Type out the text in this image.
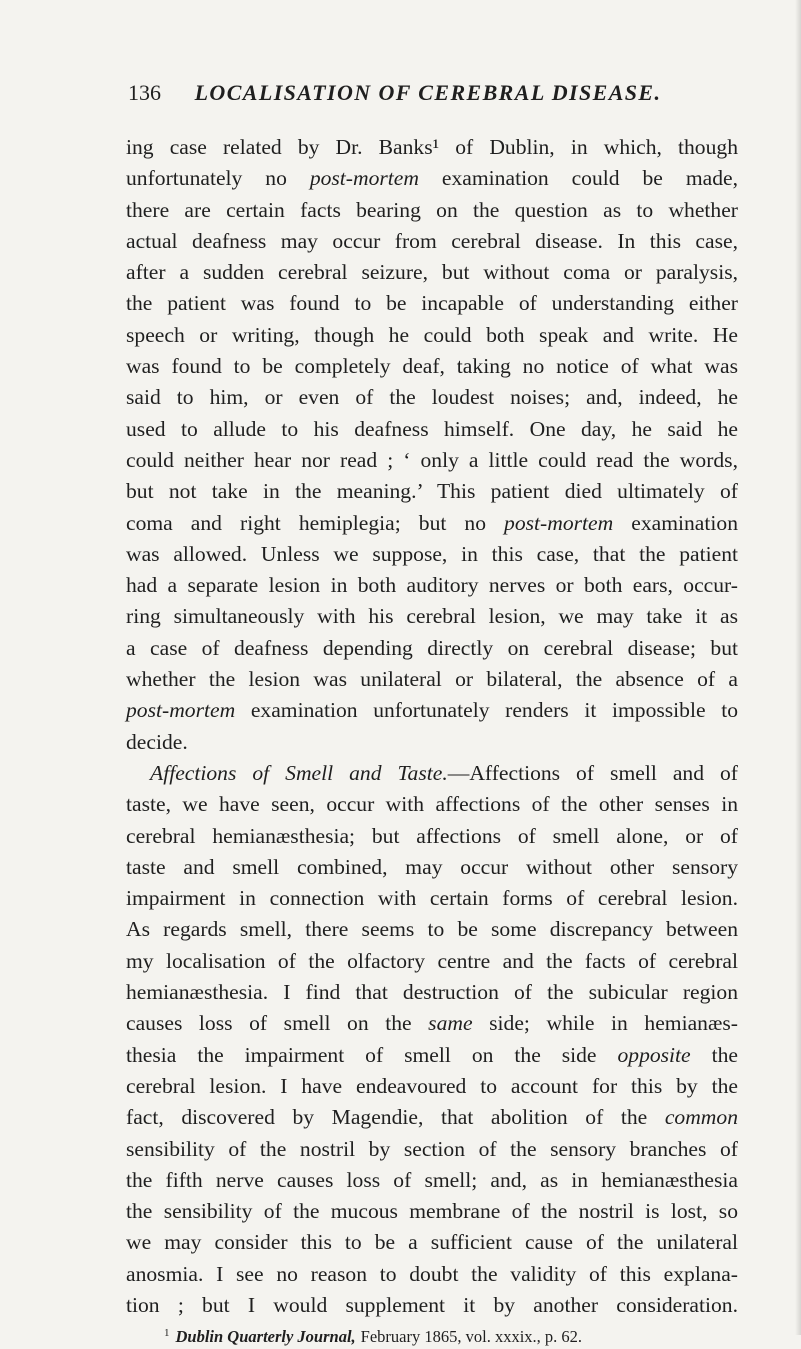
136	LOCALISATION OF CEREBRAL DISEASE.
ing case related by Dr. Banks¹ of Dublin, in which, though
unfortunately no post-mortem examination could be made,
there are certain facts bearing on the question as to whether
actual deafness may occur from cerebral disease. In this case,
after a sudden cerebral seizure, but without coma or paralysis,
the patient was found to be incapable of understanding either
speech or writing, though he could both speak and write. He
was found to be completely deaf, taking no notice of what was
said to him, or even of the loudest noises; and, indeed, he
used to allude to his deafness himself. One day, he said he
could neither hear nor read ; ‘ only a little could read the words,
but not take in the meaning.’ This patient died ultimately of
coma and right hemiplegia; but no post-mortem examination
was allowed. Unless we suppose, in this case, that the patient
had a separate lesion in both auditory nerves or both ears, occur-
ring simultaneously with his cerebral lesion, we may take it as
a case of deafness depending directly on cerebral disease; but
whether the lesion was unilateral or bilateral, the absence of a
post-mortem examination unfortunately renders it impossible to
decide.
Affections of Smell and Taste.—Affections of smell and of
taste, we have seen, occur with affections of the other senses in
cerebral hemianæsthesia; but affections of smell alone, or of
taste and smell combined, may occur without other sensory
impairment in connection with certain forms of cerebral lesion.
As regards smell, there seems to be some discrepancy between
my localisation of the olfactory centre and the facts of cerebral
hemianæsthesia. I find that destruction of the subicular region
causes loss of smell on the same side; while in hemianæs-
thesia the impairment of smell on the side opposite the
cerebral lesion. I have endeavoured to account for this by the
fact, discovered by Magendie, that abolition of the common
sensibility of the nostril by section of the sensory branches of
the fifth nerve causes loss of smell; and, as in hemianæsthesia
the sensibility of the mucous membrane of the nostril is lost, so
we may consider this to be a sufficient cause of the unilateral
anosmia. I see no reason to doubt the validity of this explana-
tion ; but I would supplement it by another consideration.
$^1$ Dublin Quarterly Journal, February 1865, vol. xxxix., p. 62.
